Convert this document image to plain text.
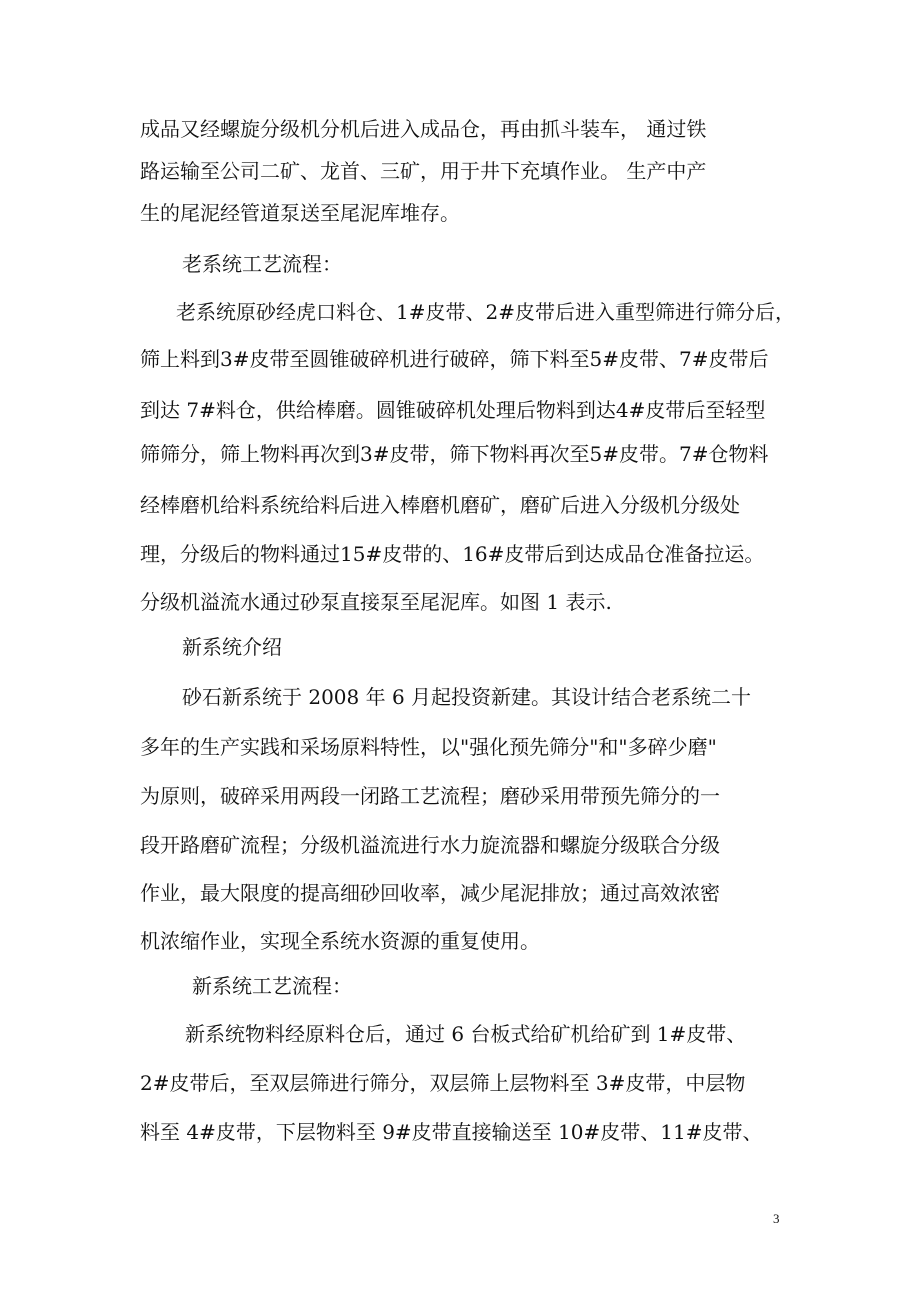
成品又经螺旋分级机分机后进入成品仓，再由抓斗装车， 通过铁
路运输至公司二矿、龙首、三矿，用于井下充填作业。 生产中产
生的尾泥经管道泵送至尾泥库堆存。
老系统工艺流程：
老系统原砂经虎口料仓、1#皮带、2#皮带后进入重型筛进行筛分后，
筛上料到3#皮带至圆锥破碎机进行破碎，筛下料至5#皮带、7#皮带后
到达 7#料仓，供给棒磨。圆锥破碎机处理后物料到达4#皮带后至轻型
筛筛分，筛上物料再次到3#皮带，筛下物料再次至5#皮带。7#仓物料
经棒磨机给料系统给料后进入棒磨机磨矿，磨矿后进入分级机分级处
理，分级后的物料通过15#皮带的、16#皮带后到达成品仓准备拉运。
分级机溢流水通过砂泵直接泵至尾泥库。如图 1 表示.
新系统介绍
砂石新系统于 2008 年 6 月起投资新建。其设计结合老系统二十
多年的生产实践和采场原料特性，以"强化预先筛分"和"多碎少磨"
为原则，破碎采用两段一闭路工艺流程；磨砂采用带预先筛分的一
段开路磨矿流程；分级机溢流进行水力旋流器和螺旋分级联合分级
作业，最大限度的提高细砂回收率，减少尾泥排放；通过高效浓密
机浓缩作业，实现全系统水资源的重复使用。
新系统工艺流程：
新系统物料经原料仓后，通过 6 台板式给矿机给矿到 1#皮带、
2#皮带后，至双层筛进行筛分，双层筛上层物料至 3#皮带，中层物
料至 4#皮带，下层物料至 9#皮带直接输送至 10#皮带、11#皮带、
3
